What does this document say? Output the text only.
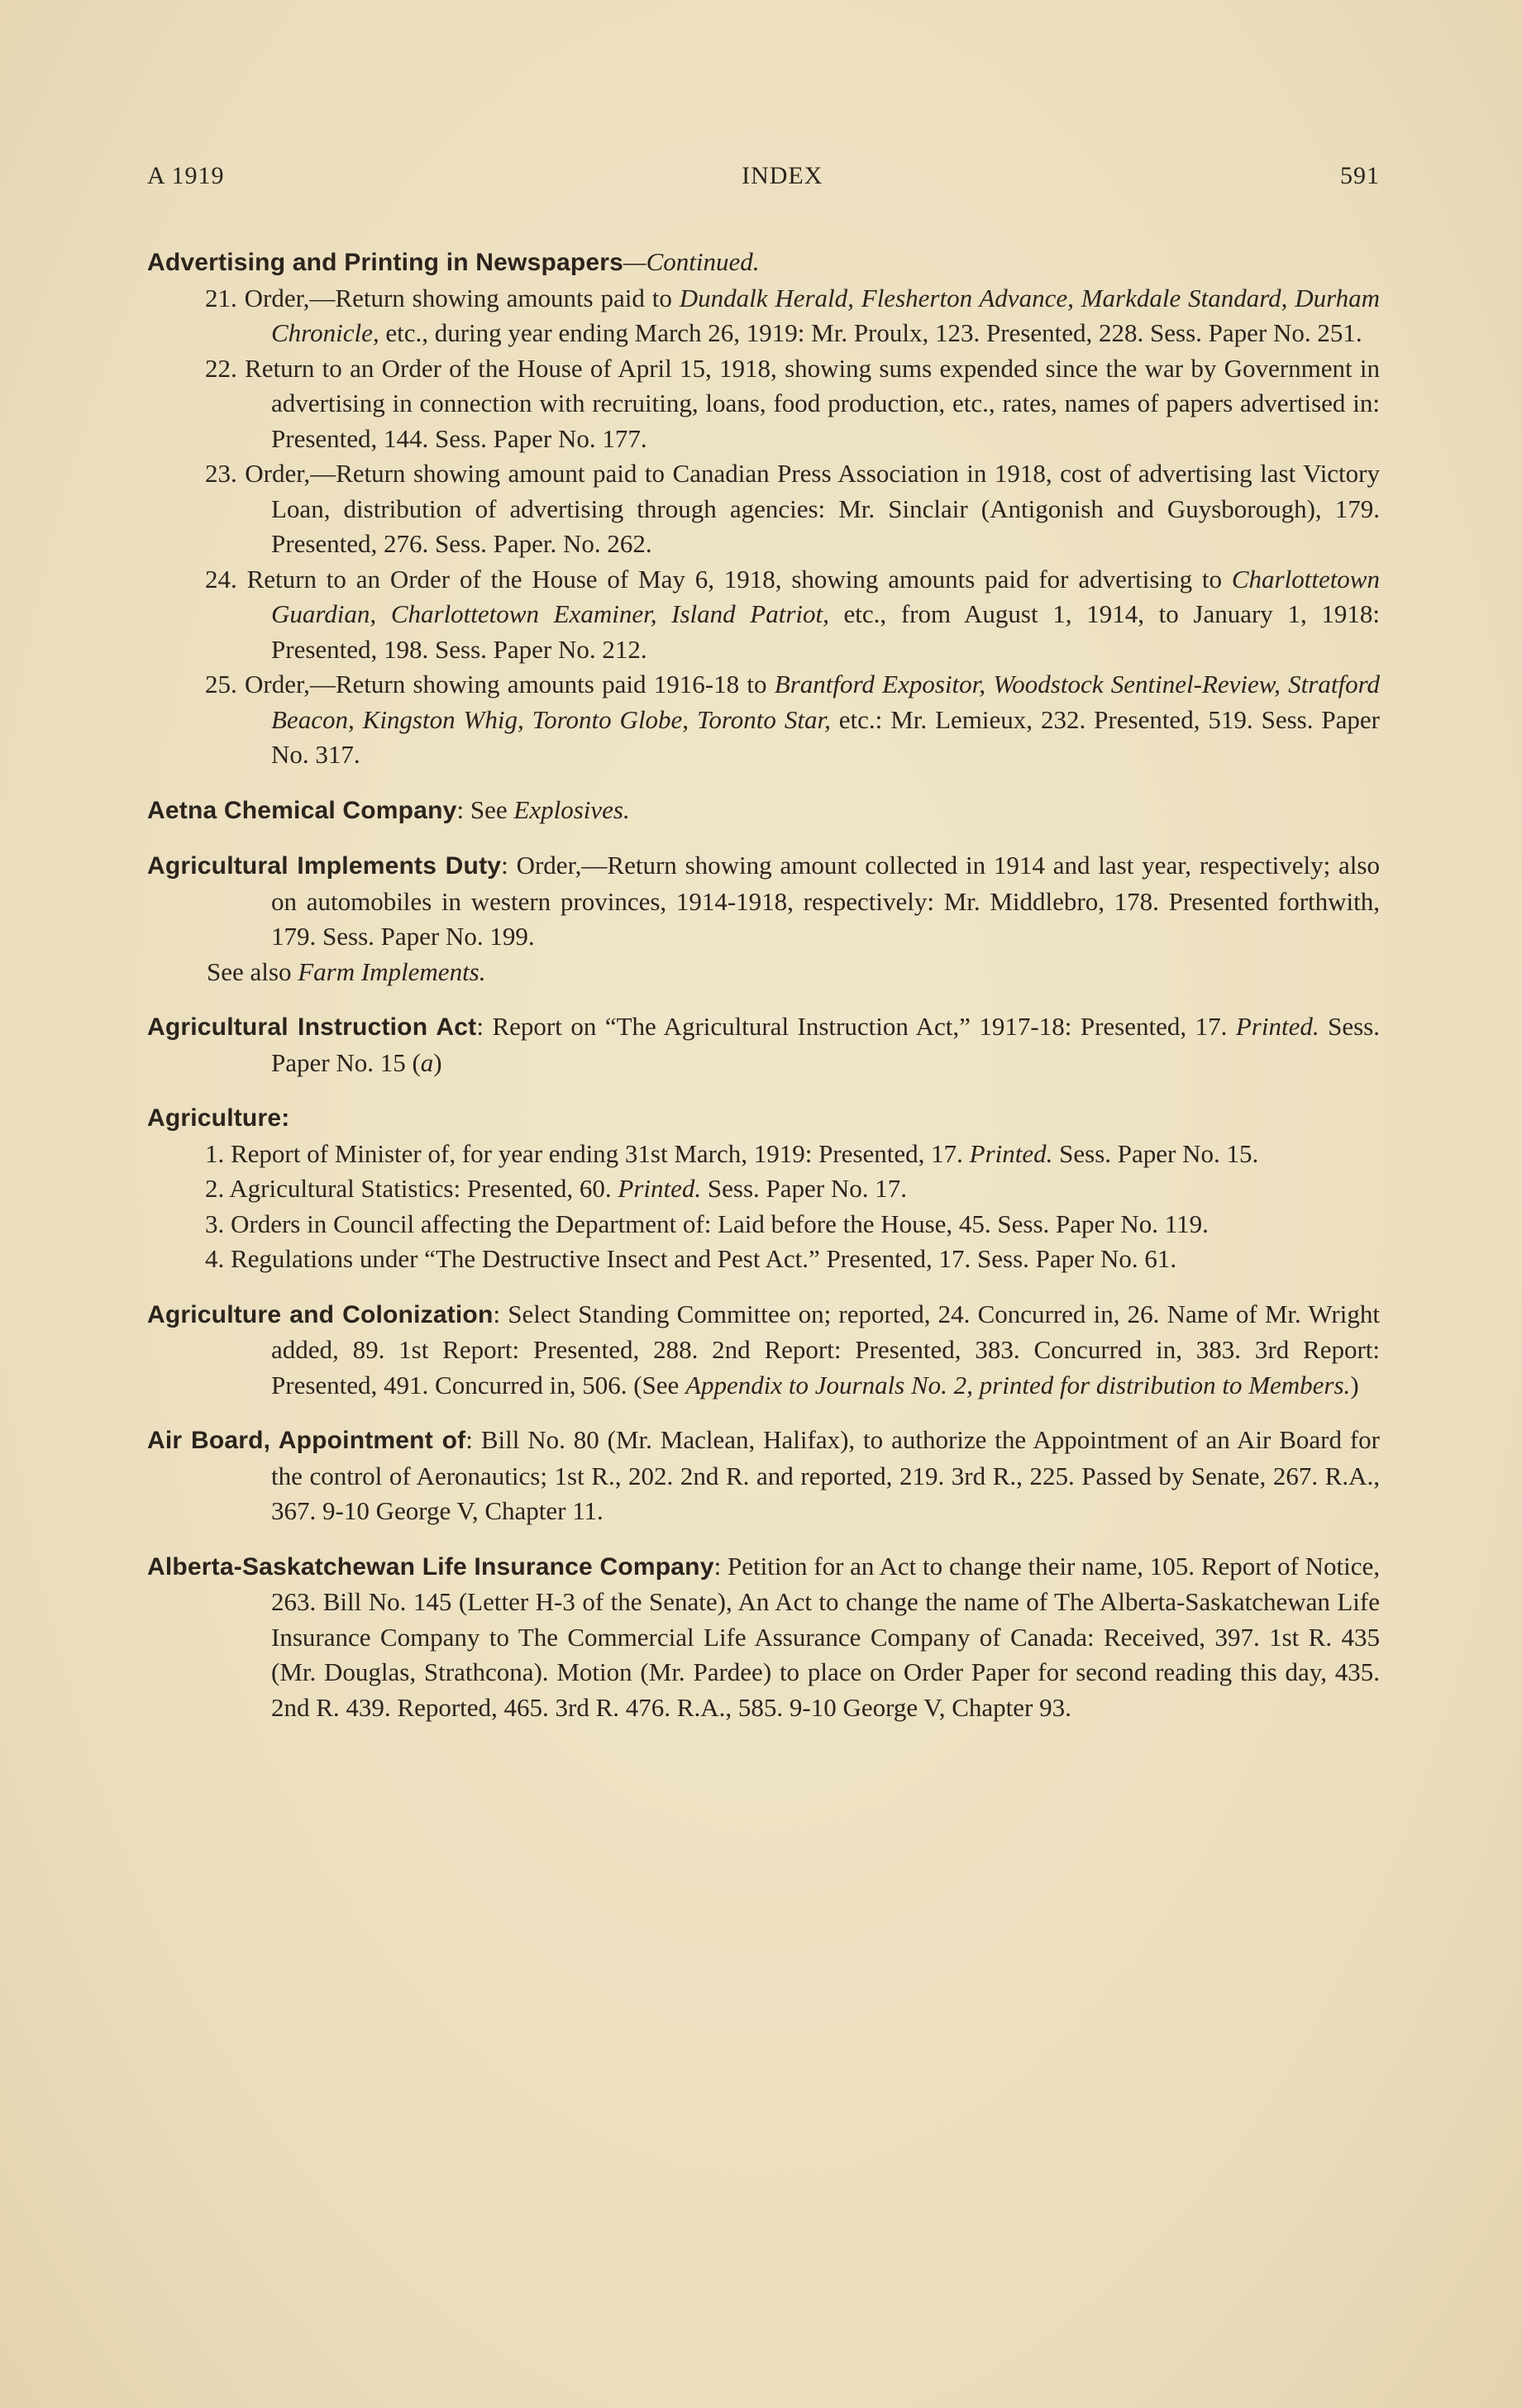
A 1919	INDEX	591
Advertising and Printing in Newspapers—Continued.
21. Order,—Return showing amounts paid to Dundalk Herald, Flesherton Advance, Markdale Standard, Durham Chronicle, etc., during year ending March 26, 1919: Mr. Proulx, 123. Presented, 228. Sess. Paper No. 251.
22. Return to an Order of the House of April 15, 1918, showing sums expended since the war by Government in advertising in connection with recruiting, loans, food production, etc., rates, names of papers advertised in: Presented, 144. Sess. Paper No. 177.
23. Order,—Return showing amount paid to Canadian Press Association in 1918, cost of advertising last Victory Loan, distribution of advertising through agencies: Mr. Sinclair (Antigonish and Guysborough), 179. Presented, 276. Sess. Paper. No. 262.
24. Return to an Order of the House of May 6, 1918, showing amounts paid for advertising to Charlottetown Guardian, Charlottetown Examiner, Island Patriot, etc., from August 1, 1914, to January 1, 1918: Presented, 198. Sess. Paper No. 212.
25. Order,—Return showing amounts paid 1916-18 to Brantford Expositor, Woodstock Sentinel-Review, Stratford Beacon, Kingston Whig, Toronto Globe, Toronto Star, etc.: Mr. Lemieux, 232. Presented, 519. Sess. Paper No. 317.
Aetna Chemical Company: See Explosives.
Agricultural Implements Duty: Order,—Return showing amount collected in 1914 and last year, respectively; also on automobiles in western provinces, 1914-1918, respectively: Mr. Middlebro, 178. Presented forthwith, 179. Sess. Paper No. 199.
See also Farm Implements.
Agricultural Instruction Act: Report on “The Agricultural Instruction Act,” 1917-18: Presented, 17. Printed. Sess. Paper No. 15 (a)
Agriculture:
1. Report of Minister of, for year ending 31st March, 1919: Presented, 17. Printed. Sess. Paper No. 15.
2. Agricultural Statistics: Presented, 60. Printed. Sess. Paper No. 17.
3. Orders in Council affecting the Department of: Laid before the House, 45. Sess. Paper No. 119.
4. Regulations under “The Destructive Insect and Pest Act.” Presented, 17. Sess. Paper No. 61.
Agriculture and Colonization: Select Standing Committee on; reported, 24. Concurred in, 26. Name of Mr. Wright added, 89. 1st Report: Presented, 288. 2nd Report: Presented, 383. Concurred in, 383. 3rd Report: Presented, 491. Concurred in, 506. (See Appendix to Journals No. 2, printed for distribution to Members.)
Air Board, Appointment of: Bill No. 80 (Mr. Maclean, Halifax), to authorize the Appointment of an Air Board for the control of Aeronautics; 1st R., 202. 2nd R. and reported, 219. 3rd R., 225. Passed by Senate, 267. R.A., 367. 9-10 George V, Chapter 11.
Alberta-Saskatchewan Life Insurance Company: Petition for an Act to change their name, 105. Report of Notice, 263. Bill No. 145 (Letter H-3 of the Senate), An Act to change the name of The Alberta-Saskatchewan Life Insurance Company to The Commercial Life Assurance Company of Canada: Received, 397. 1st R. 435 (Mr. Douglas, Strathcona). Motion (Mr. Pardee) to place on Order Paper for second reading this day, 435. 2nd R. 439. Reported, 465. 3rd R. 476. R.A., 585. 9-10 George V, Chapter 93.
